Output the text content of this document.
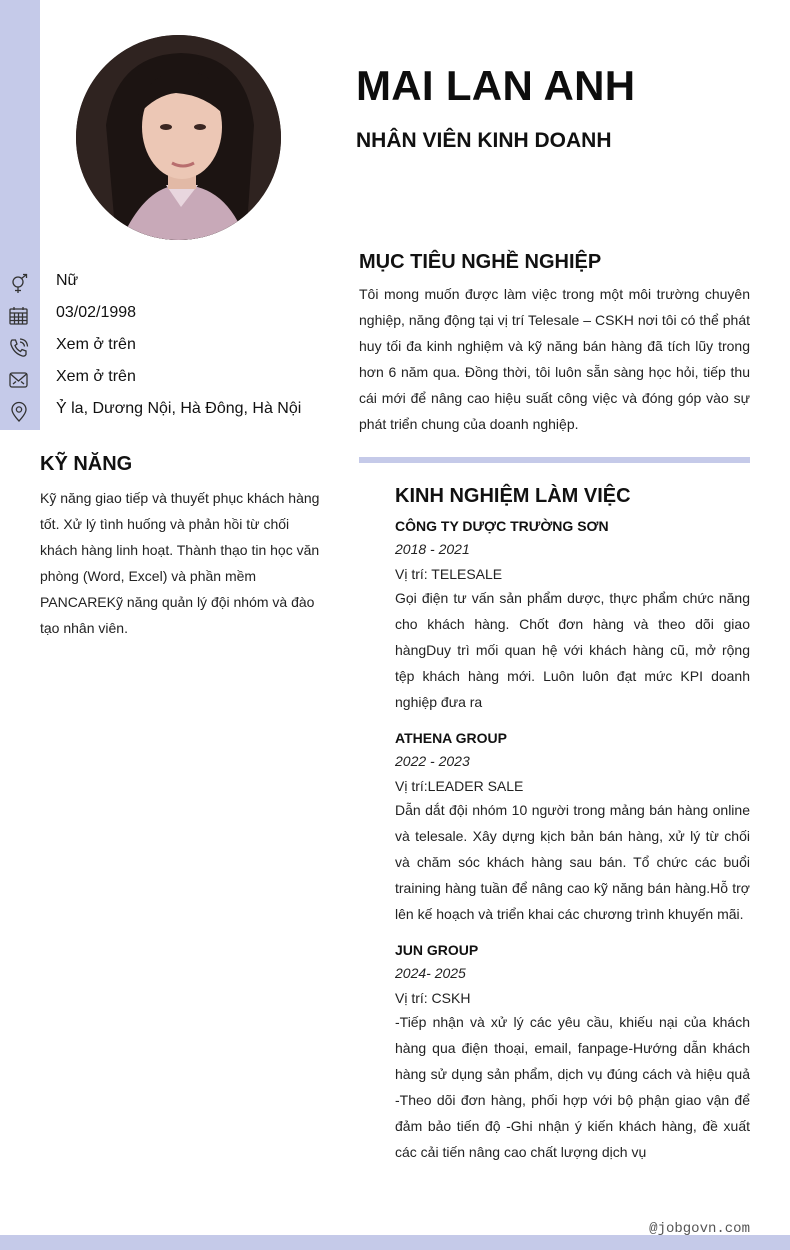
MAI LAN ANH
NHÂN VIÊN KINH DOANH
Nữ
03/02/1998
Xem ở trên
Xem ở trên
Ỷ la, Dương Nội, Hà Đông, Hà Nội
KỸ NĂNG

Kỹ năng giao tiếp và thuyết phục khách hàng tốt. Xử lý tình huống và phản hồi từ chối khách hàng linh hoạt. Thành thạo tin học văn phòng (Word, Excel) và phần mềm PANCAREKỹ năng quản lý đội nhóm và đào tạo nhân viên.

MỤC TIÊU NGHỀ NGHIỆP

Tôi mong muốn được làm việc trong một môi trường chuyên nghiệp, năng động tại vị trí Telesale – CSKH nơi tôi có thể phát huy tối đa kinh nghiệm và kỹ năng bán hàng đã tích lũy trong hơn 6 năm qua. Đồng thời, tôi luôn sẵn sàng học hỏi, tiếp thu cái mới để nâng cao hiệu suất công việc và đóng góp vào sự phát triển chung của doanh nghiệp.

KINH NGHIỆM LÀM VIỆC
CÔNG TY DƯỢC TRƯỜNG SƠN
2018 - 2021
Vị trí: TELESALE

Gọi điện tư vấn sản phẩm dược, thực phẩm chức năng cho khách hàng. Chốt đơn hàng và theo dõi giao hàngDuy trì mối quan hệ với khách hàng cũ, mở rộng tệp khách hàng mới. Luôn luôn đạt mức KPI doanh nghiệp đưa ra

ATHENA GROUP
2022 - 2023
Vị trí:LEADER SALE

Dẫn dắt đội nhóm 10 người trong mảng bán hàng online và telesale. Xây dựng kịch bản bán hàng, xử lý từ chối và chăm sóc khách hàng sau bán. Tổ chức các buổi training hàng tuần để nâng cao kỹ năng bán hàng.Hỗ trợ lên kế hoạch và triển khai các chương trình khuyến mãi.

JUN GROUP
2024- 2025
Vị trí: CSKH

-Tiếp nhận và xử lý các yêu cầu, khiếu nại của khách hàng qua điện thoại, email, fanpage-Hướng dẫn khách hàng sử dụng sản phẩm, dịch vụ đúng cách và hiệu quả -Theo dõi đơn hàng, phối hợp với bộ phận giao vận để đảm bảo tiến độ -Ghi nhận ý kiến khách hàng, đề xuất các cải tiến nâng cao chất lượng dịch vụ

@jobgovn.com
